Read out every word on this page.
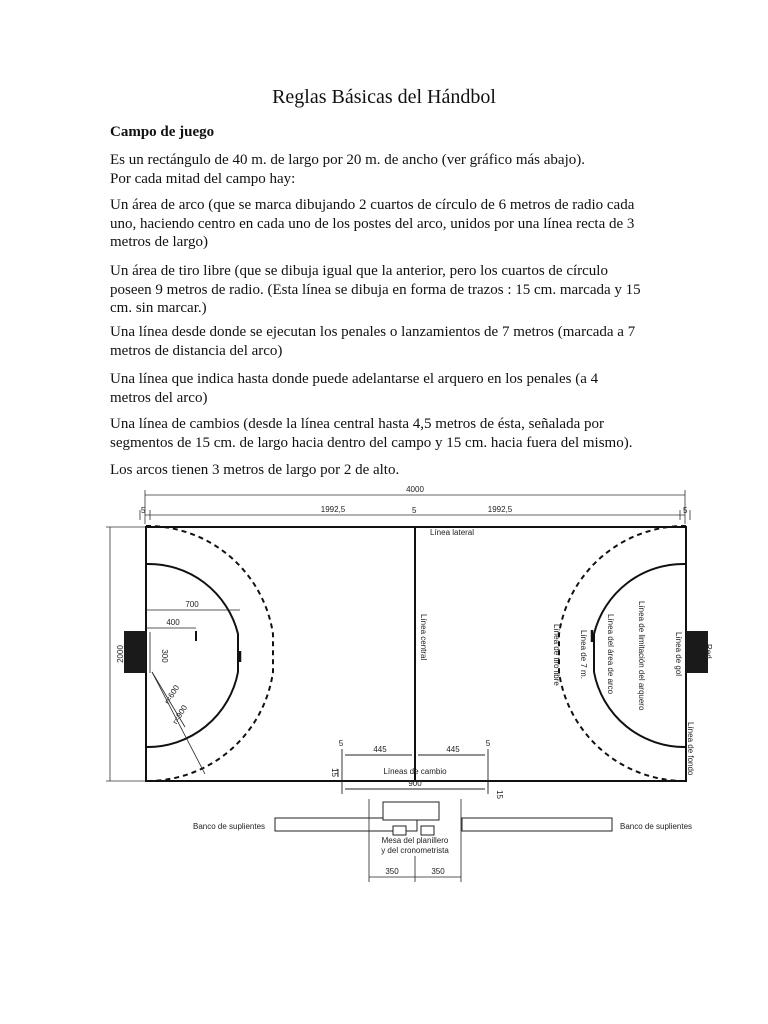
Reglas Básicas del Hándbol
Campo de juego
Es un rectángulo de 40 m. de largo por 20 m. de ancho (ver gráfico más abajo).
Por cada mitad del campo hay:
Un área de arco (que se marca dibujando 2 cuartos de círculo de 6 metros de radio cada
uno, haciendo centro en cada uno de los postes del arco, unidos por una línea recta de 3
metros de largo)
Un área de tiro libre (que se dibuja igual que la anterior, pero los cuartos de círculo
poseen 9 metros de radio. (Esta línea se dibuja en forma de trazos : 15 cm. marcada y 15
cm. sin marcar.)
Una línea desde donde se ejecutan los penales o lanzamientos de 7 metros (marcada a 7
metros de distancia del arco)
Una línea que indica hasta donde puede adelantarse el arquero en los penales (a 4
metros del arco)
Una línea de cambios (desde la línea central hasta 4,5 metros de ésta, señalada por
segmentos de 15 cm. de largo hacia dentro del campo y 15 cm. hacia fuera del mismo).
Los arcos tienen 3 metros de largo por 2 de alto.
4000
1992,5	1992,5
5	5	5
2000
700
400
300
r=600
r=900
Línea lateral
Línea central	Línea de tiro libre	Línea del área de arco	Línea de limitación del arquero
Línea de 7 m.	Línea de gol
Línea de fondo
Red
Líneas de cambio
445	445
5	5
15
15
900
Banco de suplientes	Banco de suplientes
Mesa del planillero
y del cronometrista
350	350
